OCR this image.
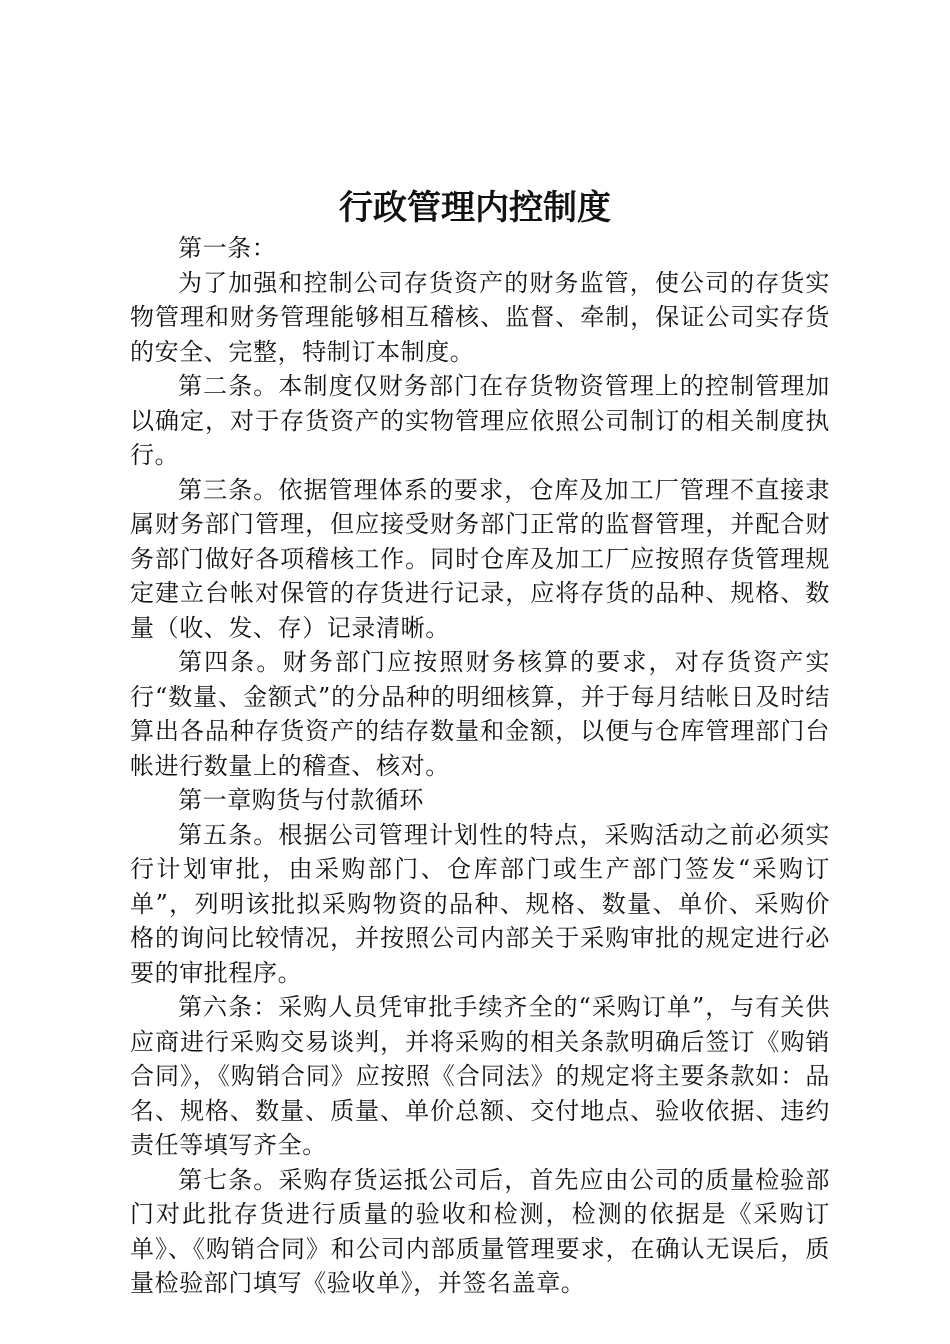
行政管理内控制度

第一条：

为了加强和控制公司存货资产的财务监管，使公司的存货实物管理和财务管理能够相互稽核、监督、牵制，保证公司实存货的安全、完整，特制订本制度。

第二条。本制度仅财务部门在存货物资管理上的控制管理加以确定，对于存货资产的实物管理应依照公司制订的相关制度执行。

第三条。依据管理体系的要求，仓库及加工厂管理不直接隶属财务部门管理，但应接受财务部门正常的监督管理，并配合财务部门做好各项稽核工作。同时仓库及加工厂应按照存货管理规定建立台帐对保管的存货进行记录，应将存货的品种、规格、数量（收、发、存）记录清晰。

第四条。财务部门应按照财务核算的要求，对存货资产实行“数量、金额式”的分品种的明细核算，并于每月结帐日及时结算出各品种存货资产的结存数量和金额，以便与仓库管理部门台帐进行数量上的稽查、核对。

第一章购货与付款循环

第五条。根据公司管理计划性的特点，采购活动之前必须实行计划审批，由采购部门、仓库部门或生产部门签发“采购订单”，列明该批拟采购物资的品种、规格、数量、单价、采购价格的询问比较情况，并按照公司内部关于采购审批的规定进行必要的审批程序。

第六条：采购人员凭审批手续齐全的“采购订单”，与有关供应商进行采购交易谈判，并将采购的相关条款明确后签订《购销合同》，《购销合同》应按照《合同法》的规定将主要条款如：品名、规格、数量、质量、单价总额、交付地点、验收依据、违约责任等填写齐全。

第七条。采购存货运抵公司后，首先应由公司的质量检验部门对此批存货进行质量的验收和检测，检测的依据是《采购订单》、《购销合同》和公司内部质量管理要求，在确认无误后，质量检验部门填写《验收单》，并签名盖章。
